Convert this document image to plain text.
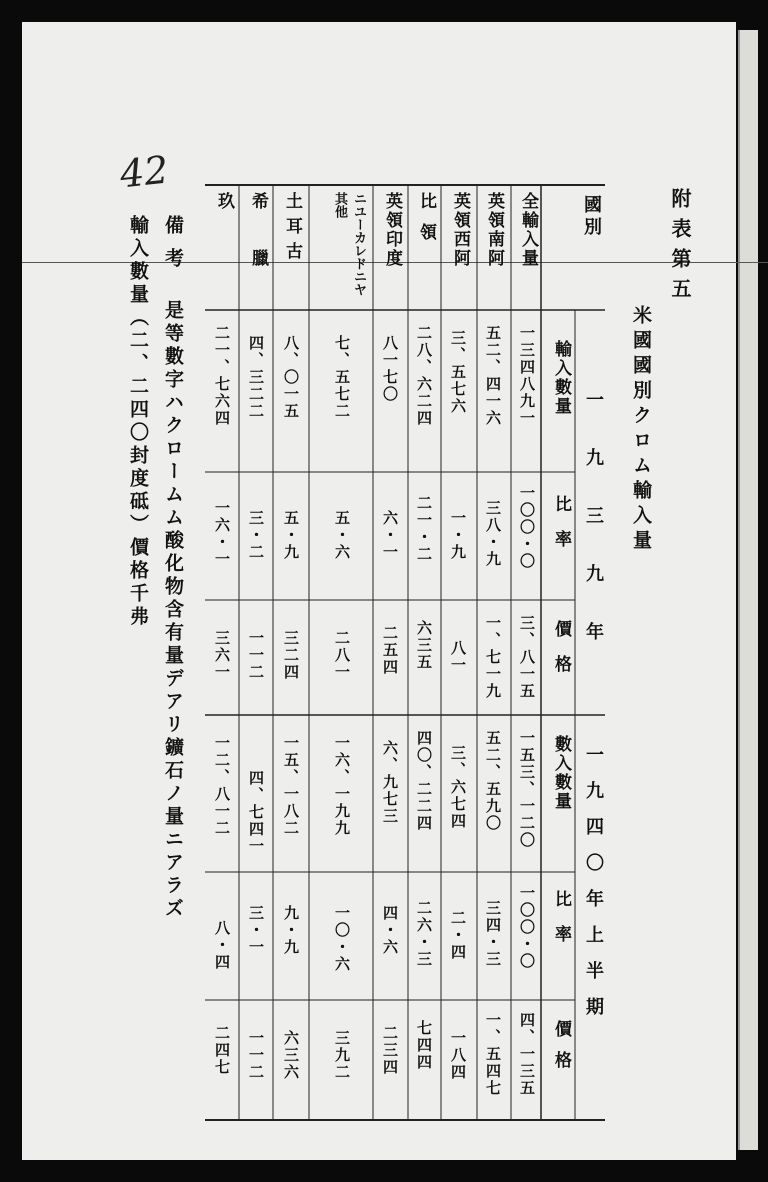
42
附表第五
米國國別クロム輸入量
國別
一九三九年
一九四〇年上半期
輸入數量
比率
價格
數入數量
比率
價格
全輸入量
英領南阿
英領西阿
比領
英領印度
ニユーカレドニヤ其他
土耳古
希臘
玖
一三四八九一
一〇〇・〇
三、八一五
一五三、一二〇
一〇〇・〇
四、一三五
五二、四一六
三八・九
一、七一九
五二、五九〇
三四・三
一、五四七
三、五七六
一・九
八一
三、六七四
二・四
一八四
二八、六二四
二一・二
六三五
四〇、二二四
二六・三
七四四
八一七〇
六・一
二五四
六、九七三
四・六
二三四
七、五七二
五・六
二八一
一六、一九九
一〇・六
三九二
八、〇一五
五・九
三二四
一五、一八二
九・九
六三六
四、三二二
三・二
一一二
四、七四一
三・一
一一二
二一、七六四
一六・一
三六一
一二、八一二
八・四
二四七
備考
是等數字ハクロームム酸化物含有量デアリ鑛石ノ量ニアラズ
輸入數量（二、二四〇封度砥）價格千弗
